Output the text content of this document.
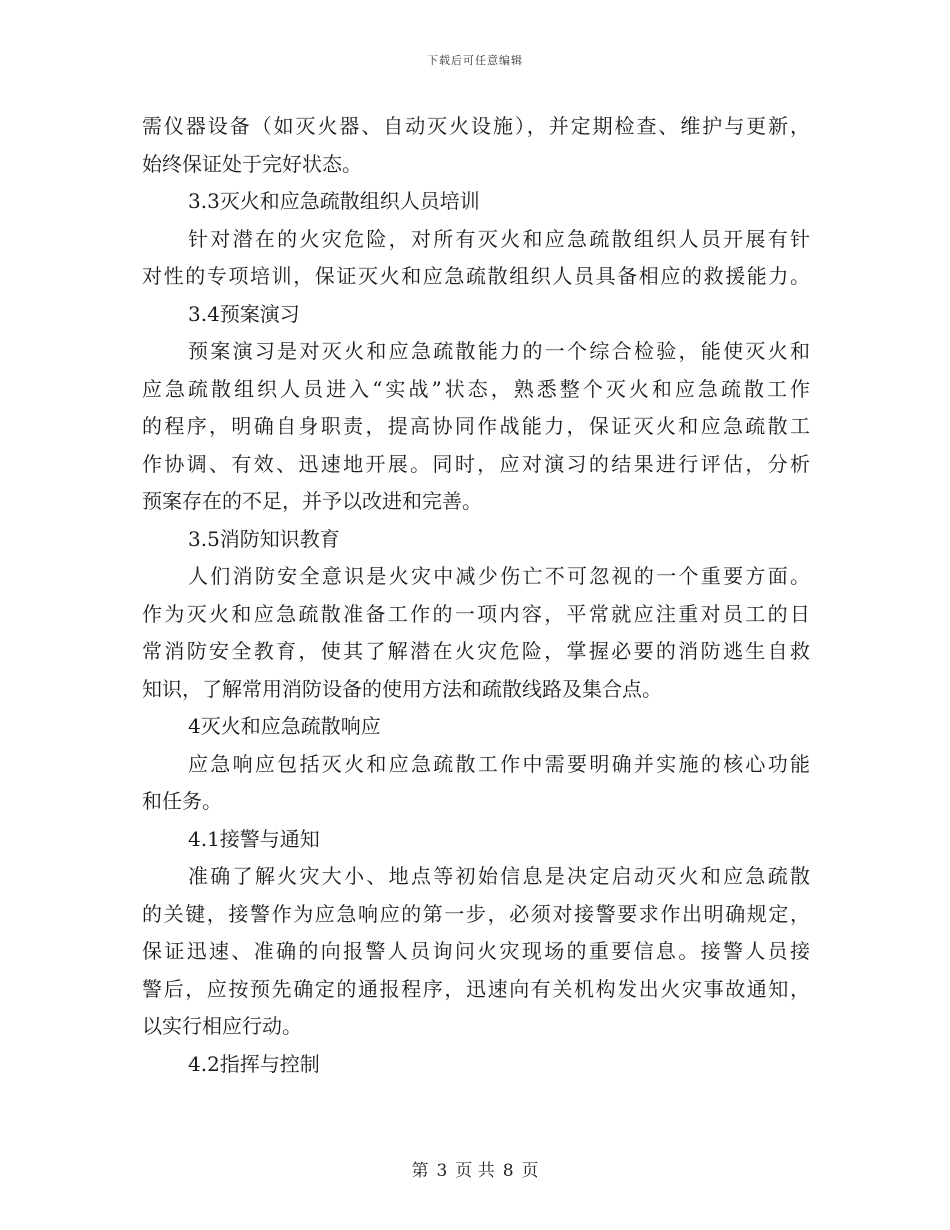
下载后可任意编辑
需仪器设备（如灭火器、自动灭火设施），并定期检查、维护与更新，
始终保证处于完好状态。
3.3灭火和应急疏散组织人员培训
针对潜在的火灾危险，对所有灭火和应急疏散组织人员开展有针
对性的专项培训，保证灭火和应急疏散组织人员具备相应的救援能力。
3.4预案演习
预案演习是对灭火和应急疏散能力的一个综合检验，能使灭火和
应急疏散组织人员进入“实战”状态，熟悉整个灭火和应急疏散工作
的程序，明确自身职责，提高协同作战能力，保证灭火和应急疏散工
作协调、有效、迅速地开展。同时，应对演习的结果进行评估，分析
预案存在的不足，并予以改进和完善。
3.5消防知识教育
人们消防安全意识是火灾中减少伤亡不可忽视的一个重要方面。
作为灭火和应急疏散准备工作的一项内容，平常就应注重对员工的日
常消防安全教育，使其了解潜在火灾危险，掌握必要的消防逃生自救
知识，了解常用消防设备的使用方法和疏散线路及集合点。
4灭火和应急疏散响应
应急响应包括灭火和应急疏散工作中需要明确并实施的核心功能
和任务。
4.1接警与通知
准确了解火灾大小、地点等初始信息是决定启动灭火和应急疏散
的关键，接警作为应急响应的第一步，必须对接警要求作出明确规定，
保证迅速、准确的向报警人员询问火灾现场的重要信息。接警人员接
警后，应按预先确定的通报程序，迅速向有关机构发出火灾事故通知，
以实行相应行动。
4.2指挥与控制
第 3 页 共 8 页
